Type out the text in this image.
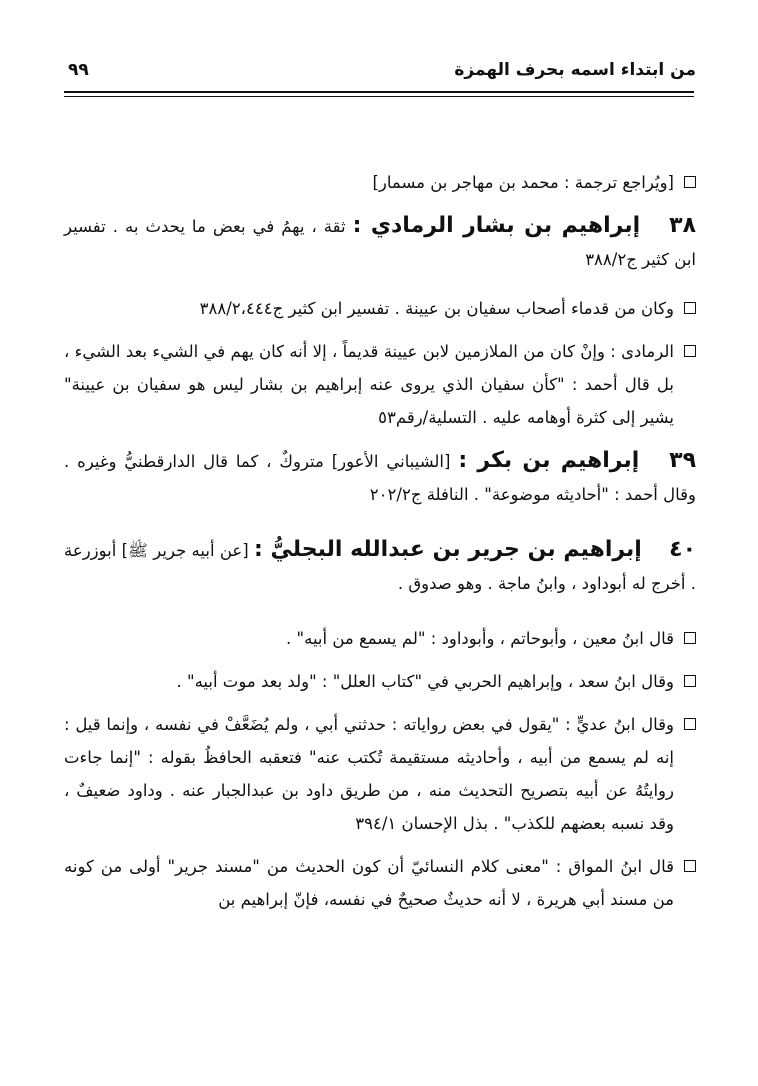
من ابتداء اسمه بحرف الهمزة
٩٩
[ويُراجع ترجمة : محمد بن مهاجر بن مسمار]

٣٨ إبراهيم بن بشار الرمادي : ثقة ، يهمُ في بعض ما يحدث به . تفسير ابن كثير ج٣٨٨/٢

وكان من قدماء أصحاب سفيان بن عيينة . تفسير ابن كثير ج٣٨٨/٢،٤٤٤
الرمادى : وإنْ كان من الملازمين لابن عيينة قديماً ، إلا أنه كان يهم في الشيء بعد الشيء ، بل قال أحمد : "كأن سفيان الذي يروى عنه إبراهيم بن بشار ليس هو سفيان بن عيينة" يشير إلى كثرة أوهامه عليه . التسلية/رقم٥٣

٣٩ إبراهيم بن بكر : [الشيباني الأعور] متروكٌ ، كما قال الدارقطنيُّ وغيره . وقال أحمد : "أحاديثه موضوعة" . النافلة ج٢٠٢/٢

٤٠ إبراهيم بن جرير بن عبدالله البجليُّ : [عن أبيه جرير ﷺ] أبوزرعة . أخرج له أبوداود ، وابنُ ماجة . وهو صدوق .

قال ابنُ معين ، وأبوحاتم ، وأبوداود : "لم يسمع من أبيه" .
وقال ابنُ سعد ، وإبراهيم الحربي في "كتاب العلل" : "ولد بعد موت أبيه" .
وقال ابنُ عديٍّ : "يقول في بعض رواياته : حدثني أبي ، ولم يُضَعَّفْ في نفسه ، وإنما قيل : إنه لم يسمع من أبيه ، وأحاديثه مستقيمة تُكتب عنه" فتعقبه الحافظُ بقوله : "إنما جاءت روايتُهُ عن أبيه بتصريح التحديث منه ، من طريق داود بن عبدالجبار عنه . وداود ضعيفٌ ، وقد نسبه بعضهم للكذب" . بذل الإحسان ٣٩٤/١
قال ابنُ المواق : "معنى كلام النسائيّ أن كون الحديث من "مسند جرير" أولى من كونه من مسند أبي هريرة ، لا أنه حديثٌ صحيحٌ في نفسه، فإنّ إبراهيم بن
